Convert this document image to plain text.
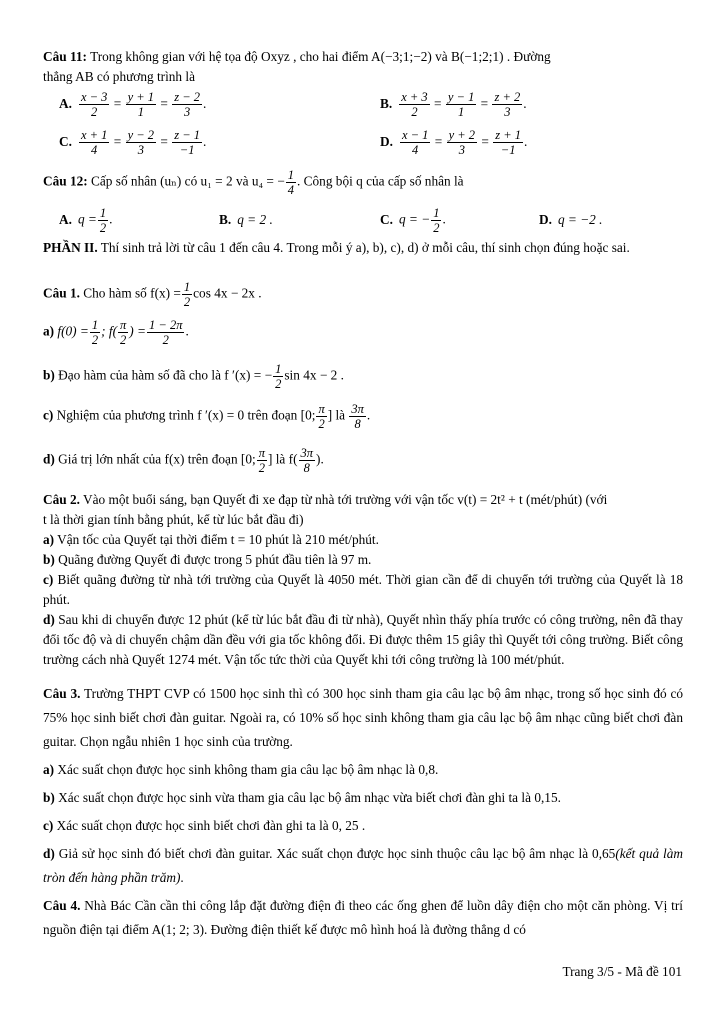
Câu 11: Trong không gian với hệ tọa độ Oxyz , cho hai điểm A(−3;1;−2) và B(−1;2;1) . Đường

thẳng AB có phương trình là

A. $\frac{x - 3}{2} = \frac{y + 1}{1} = \frac{z - 2}{3}$ .	B. $\frac{x + 3}{2} = \frac{y - 1}{1} = \frac{z + 2}{3}$ .
C. $\frac{x + 1}{4} = \frac{y - 2}{3} = \frac{z - 1}{-1}$ .	D. $\frac{x - 1}{4} = \frac{y + 2}{3} = \frac{z + 1}{-1}$ .

Câu 12: Cấp số nhân (uₙ) có u₁ = 2 và u₄ = − $\frac{1}{4}$ . Công bội q của cấp số nhân là

A. $q = \frac{1}{2}$ .	B. q = 2 .	C. q = − $\frac{1}{2}$ .	D. q = −2 .

PHẦN II. Thí sinh trả lời từ câu 1 đến câu 4. Trong mỗi ý a), b), c), d) ở mỗi câu, thí sinh chọn đúng hoặc sai.

Câu 1. Cho hàm số $f(x) = \frac{1}{2}$ cos 4x − 2x .

a) $f(0) = \frac{1}{2}$ ; $f( \frac{\pi}{2}$ ) = $\frac{1 - 2\pi}{2}$ .

b) Đạo hàm của hàm số đã cho là f ′(x) = − $\frac{1}{2}$ sin 4x − 2 .

c) Nghiệm của phương trình f ′(x) = 0 trên đoạn [0; $\frac{\pi}{2}$ ] là $\frac{3\pi}{8}$ .

d) Giá trị lớn nhất của f(x) trên đoạn [0; $\frac{\pi}{2}$ ] là $f( \frac{3\pi}{8}$ ).

Câu 2. Vào một buổi sáng, bạn Quyết đi xe đạp từ nhà tới trường với vận tốc v(t) = 2t² + t (mét/phút) (với

t là thời gian tính bằng phút, kể từ lúc bắt đầu đi)

a) Vận tốc của Quyết tại thời điểm t = 10 phút là 210 mét/phút.

b) Quãng đường Quyết đi được trong 5 phút đầu tiên là 97 m.

c) Biết quãng đường từ nhà tới trường của Quyết là 4050 mét. Thời gian cần để di chuyển tới trường của Quyết là 18 phút.

d) Sau khi di chuyển được 12 phút (kể từ lúc bắt đầu đi từ nhà), Quyết nhìn thấy phía trước có công trường, nên đã thay đổi tốc độ và di chuyển chậm dần đều với gia tốc không đổi. Đi được thêm 15 giây thì Quyết tới công trường. Biết công trường cách nhà Quyết 1274 mét. Vận tốc tức thời của Quyết khi tới công trường là 100 mét/phút.

Câu 3. Trường THPT CVP có 1500 học sinh thì có 300 học sinh tham gia câu lạc bộ âm nhạc, trong số học sinh đó có 75% học sinh biết chơi đàn guitar. Ngoài ra, có 10% số học sinh không tham gia câu lạc bộ âm nhạc cũng biết chơi đàn guitar. Chọn ngẫu nhiên 1 học sinh của trường.

a) Xác suất chọn được học sinh không tham gia câu lạc bộ âm nhạc là 0,8.

b) Xác suất chọn được học sinh vừa tham gia câu lạc bộ âm nhạc vừa biết chơi đàn ghi ta là 0,15.

c) Xác suất chọn được học sinh biết chơi đàn ghi ta là 0, 25 .

d) Giả sử học sinh đó biết chơi đàn guitar. Xác suất chọn được học sinh thuộc câu lạc bộ âm nhạc là 0,65(kết quả làm tròn đến hàng phần trăm).

Câu 4. Nhà Bác Cần cần thi công lắp đặt đường điện đi theo các ống ghen để luồn dây điện cho một căn phòng. Vị trí nguồn điện tại điểm A(1; 2; 3). Đường điện thiết kế được mô hình hoá là đường thẳng d có

Trang 3/5 - Mã đề 101
